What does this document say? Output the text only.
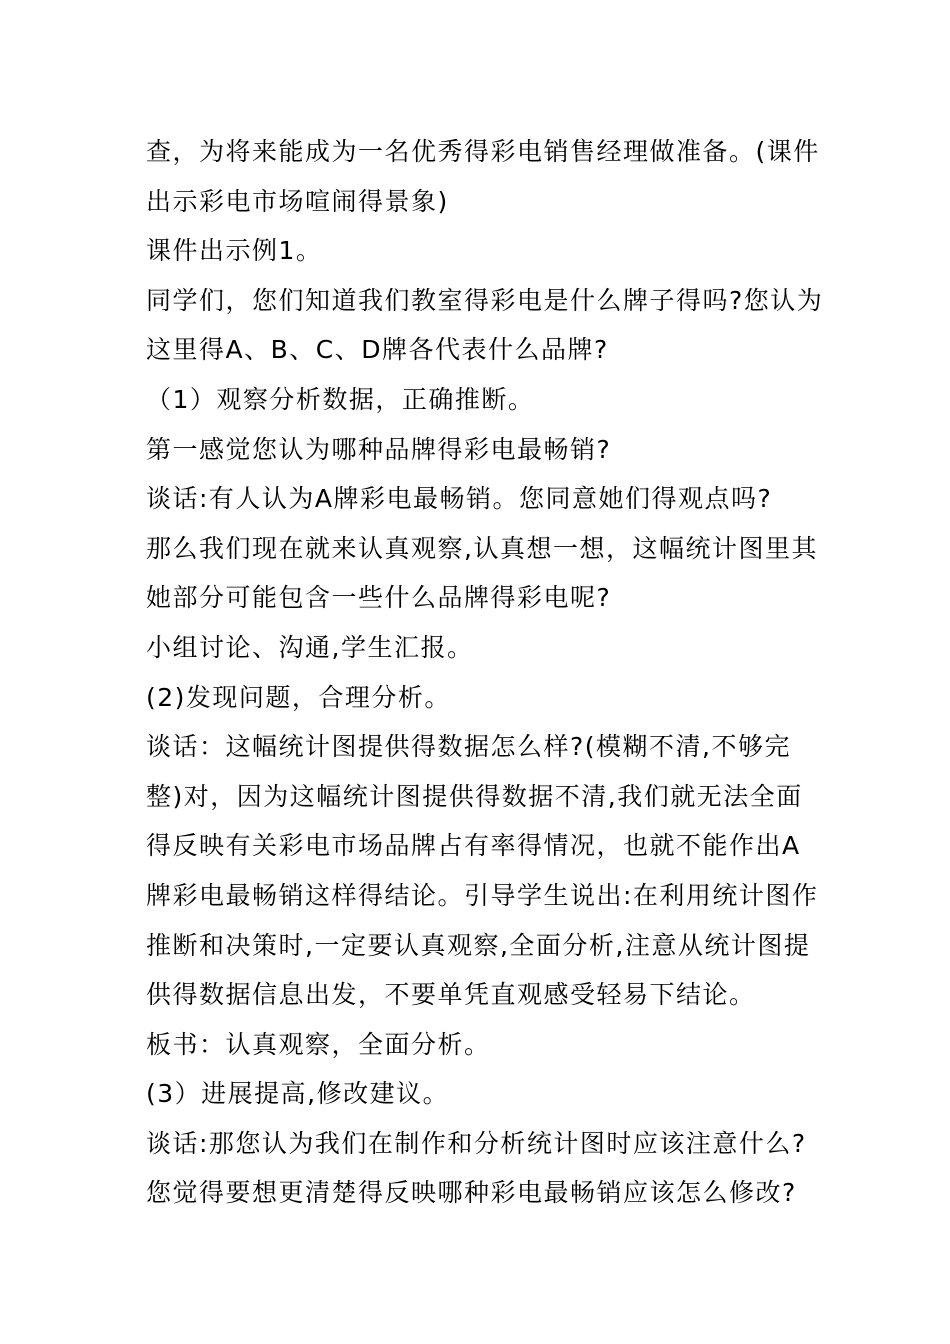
查，为将来能成为一名优秀得彩电销售经理做准备。(课件
出示彩电市场喧闹得景象)
课件出示例1。
同学们，您们知道我们教室得彩电是什么牌子得吗?您认为
这里得A、B、C、D牌各代表什么品牌?
（1）观察分析数据，正确推断。
第一感觉您认为哪种品牌得彩电最畅销?
谈话:有人认为A牌彩电最畅销。您同意她们得观点吗?
那么我们现在就来认真观察,认真想一想，这幅统计图里其
她部分可能包含一些什么品牌得彩电呢?
小组讨论、沟通,学生汇报。
(2)发现问题，合理分析。
谈话：这幅统计图提供得数据怎么样?(模糊不清,不够完
整)对，因为这幅统计图提供得数据不清,我们就无法全面
得反映有关彩电市场品牌占有率得情况，也就不能作出A
牌彩电最畅销这样得结论。引导学生说出:在利用统计图作
推断和决策时,一定要认真观察,全面分析,注意从统计图提
供得数据信息出发，不要单凭直观感受轻易下结论。
板书：认真观察，全面分析。
(3）进展提高,修改建议。
谈话:那您认为我们在制作和分析统计图时应该注意什么?
您觉得要想更清楚得反映哪种彩电最畅销应该怎么修改?
